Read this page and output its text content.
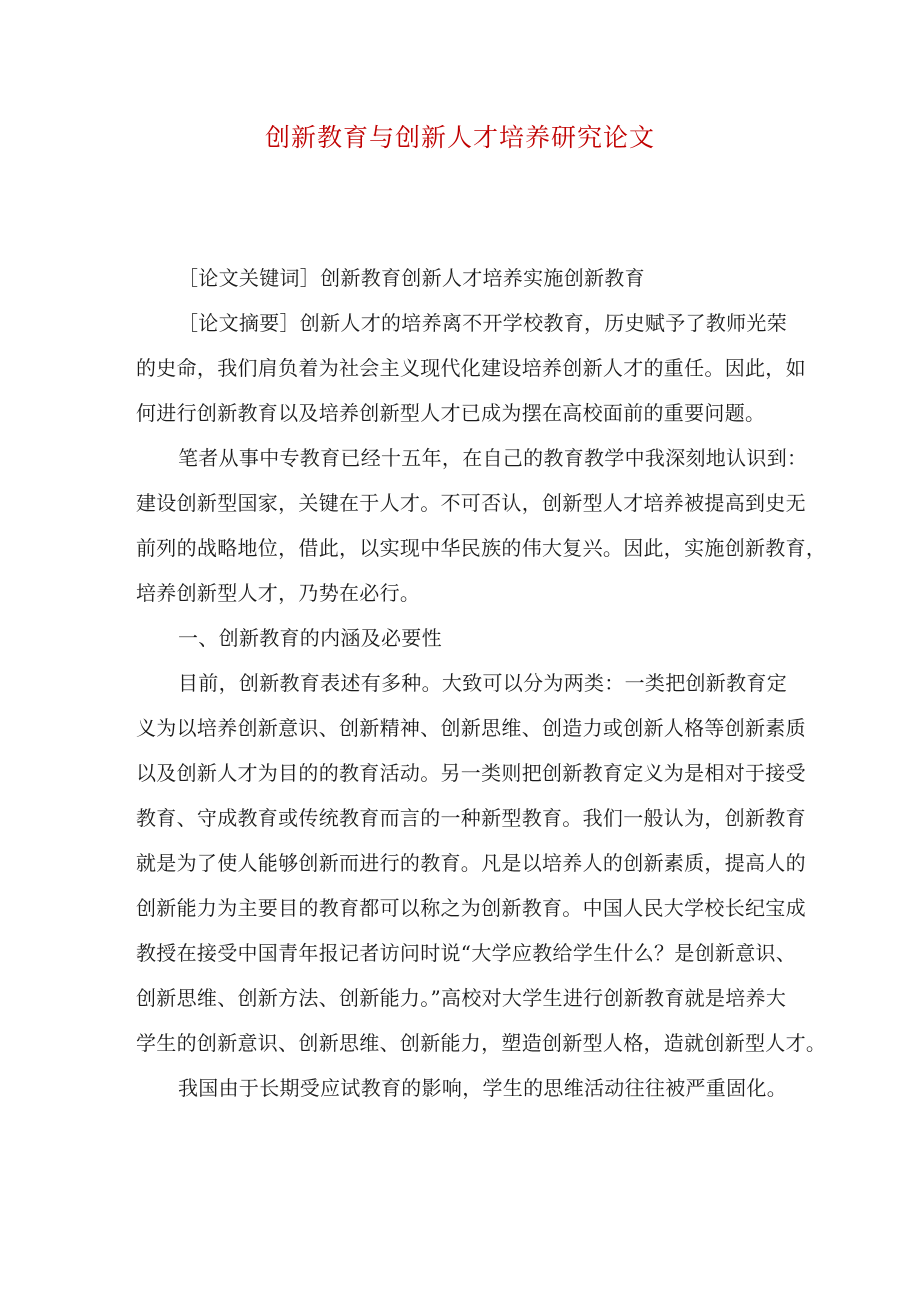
创新教育与创新人才培养研究论文
［论文关键词］创新教育创新人才培养实施创新教育
［论文摘要］创新人才的培养离不开学校教育，历史赋予了教师光荣
的史命，我们肩负着为社会主义现代化建设培养创新人才的重任。因此，如
何进行创新教育以及培养创新型人才已成为摆在高校面前的重要问题。
笔者从事中专教育已经十五年，在自己的教育教学中我深刻地认识到：
建设创新型国家，关键在于人才。不可否认，创新型人才培养被提高到史无
前列的战略地位，借此，以实现中华民族的伟大复兴。因此，实施创新教育，
培养创新型人才，乃势在必行。
一、创新教育的内涵及必要性
目前，创新教育表述有多种。大致可以分为两类：一类把创新教育定
义为以培养创新意识、创新精神、创新思维、创造力或创新人格等创新素质
以及创新人才为目的的教育活动。另一类则把创新教育定义为是相对于接受
教育、守成教育或传统教育而言的一种新型教育。我们一般认为，创新教育
就是为了使人能够创新而进行的教育。凡是以培养人的创新素质，提高人的
创新能力为主要目的教育都可以称之为创新教育。中国人民大学校长纪宝成
教授在接受中国青年报记者访问时说“大学应教给学生什么？是创新意识、
创新思维、创新方法、创新能力。”高校对大学生进行创新教育就是培养大
学生的创新意识、创新思维、创新能力，塑造创新型人格，造就创新型人才。
我国由于长期受应试教育的影响，学生的思维活动往往被严重固化。
